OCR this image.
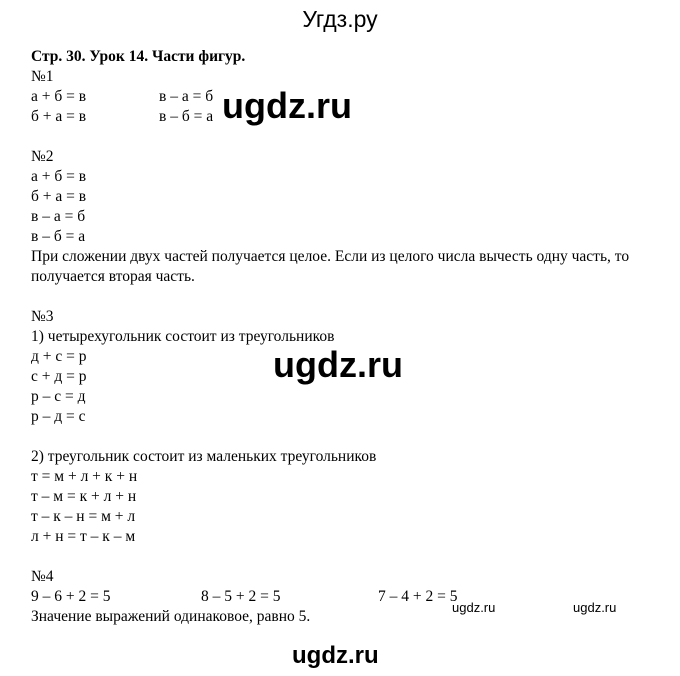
Угдз.ру
Стр. 30. Урок 14. Части фигур.
№1
а + б = в	в – а = б
б + а = в	в – б = а
№2
а + б = в
б + а = в
в – а = б
в – б = а
При сложении двух частей получается целое. Если из целого числа вычесть одну часть, то получается вторая часть.
№3
1) четырехугольник состоит из треугольников
д + с = р
с + д = р
р – с = д
р – д = с
2) треугольник состоит из маленьких треугольников
т = м + л + к + н
т – м = к + л + н
т – к – н = м + л
л + н = т – к – м
№4
9 – 6 + 2 = 5	8 – 5 + 2 = 5	7 – 4 + 2 = 5
Значение выражений одинаковое, равно 5.
ugdz.ru
ugdz.ru
ugdz.ru	ugdz.ru
ugdz.ru
